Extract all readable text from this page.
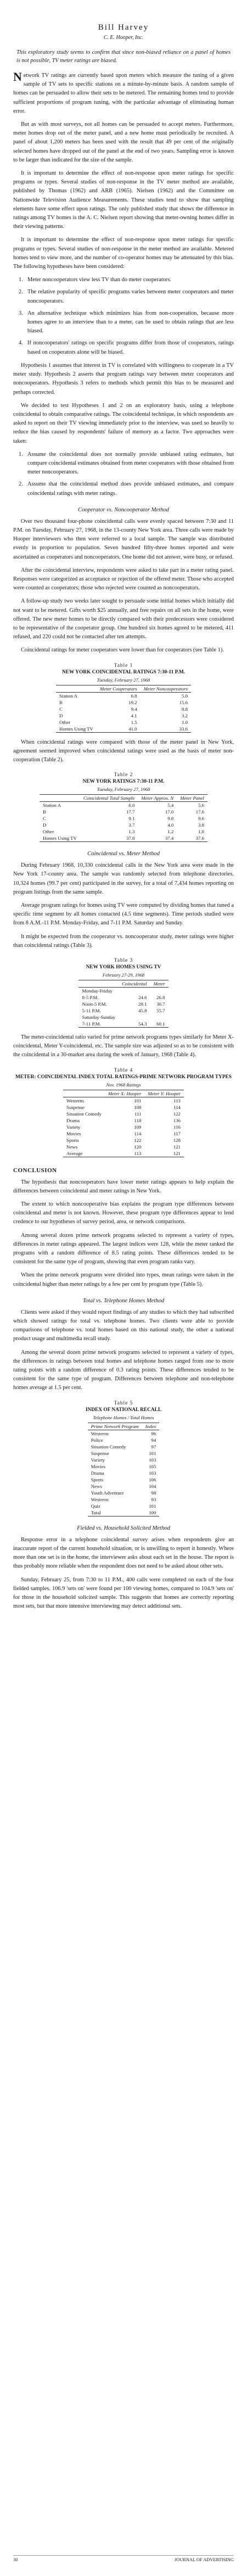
Bill Harvey
C. E. Hooper, Inc.
This exploratory study seems to confirm that since non-biased reliance on a panel of homes is not possible, TV meter ratings are biased.

Network TV ratings are currently based upon meters which measure the tuning of a given sample of TV sets to specific stations on a minute-by-minute basis. A random sample of homes can be persuaded to allow their sets to be metered. The remaining homes tend to provide sufficient proportions of program tuning, with the particular advantage of eliminating human error.

But as with most surveys, not all homes can be persuaded to accept meters. Furthermore, meter homes drop out of the meter panel, and a new home must periodically be recruited. A panel of about 1,200 meters has been used with the result that 49 per cent of the originally selected homes have dropped out of the panel at the end of two years. Sampling error is known to be larger than indicated for the size of the sample.

It is important to determine the effect of non-response upon meter ratings for specific programs or types. Several studies of non-response in the TV meter method are available, published by Thomas (1962) and ARB (1965). Nielsen (1962) and the Committee on Nationwide Television Audience Measurements. These studies tend to show that sampling elements have some effect upon ratings. The only published study that shows the difference in ratings among TV homes is the A. C. Nielsen report showing that meter-owning homes differ in their viewing patterns.

It is important to determine the effect of non-response upon meter ratings for specific programs or types. Several studies of non-response in the meter method are available. Metered homes tend to view more, and the number of co-operator homes may be attenuated by this bias. The following hypotheses have been considered:

1. Meter noncooperators view less TV than do meter cooperators.
2. The relative popularity of specific programs varies between meter cooperators and meter noncooperators.
3. An alternative technique which minimizes bias from non-cooperation, because more homes agree to an interview than to a meter, can be used to obtain ratings that are less biased.
4. If noncooperators' ratings on specific programs differ from those of cooperators, ratings based on cooperators alone will be biased.

Hypothesis 1 assumes that interest in TV is correlated with willingness to cooperate in a TV meter study. Hypothesis 2 asserts that program ratings vary between meter cooperators and noncooperators. Hypothesis 3 refers to methods which permit this bias to be measured and perhaps corrected.

We decided to test Hypotheses 1 and 2 on an exploratory basis, using a telephone coincidental to obtain comparative ratings. The coincidental technique, in which respondents are asked to report on their TV viewing immediately prior to the interview, was used so heavily to reduce the bias caused by respondents' failure of memory as a factor. Two approaches were taken:

1. Assume the coincidental does not normally provide unbiased rating estimates, but compare coincidental estimates obtained from meter cooperators with those obtained from meter noncooperators.
2. Assume that the coincidental method does provide unbiased estimates, and compare coincidental ratings with meter ratings.
Cooperator vs. Noncooperator Method

Over two thousand four-phone coincidental calls were evenly spaced between 7:30 and 11 P.M. on Tuesday, February 27, 1968, in the 13-county New York area. Three calls were made by Hooper interviewers who then were referred to a local sample. The sample was distributed evenly in proportion to population. Seven hundred fifty-three homes reported and were ascertained as cooperators and noncooperators. One home did not answer, were busy, or refused.

After the coincidental interview, respondents were asked to take part in a meter rating panel. Responses were categorized as acceptance or rejection of the offered meter. Those who accepted were counted as cooperators; those who rejected were counted as noncooperators.

A follow-up study two weeks later sought to persuade some initial homes which initially did not want to be metered. Gifts worth $25 annually, and free repairs on all sets in the home, were offered. The new meter homes to be directly compared with their predecessors were considered to be representative of the cooperator group. One hundred six homes agreed to be metered, 411 refused, and 220 could not be contacted after ten attempts.

Coincidental ratings for meter cooperators were lower than for cooperators (see Table 1).

Table 1
NEW YORK COINCIDENTAL RATINGS 7:30-11 P.M.
Tuesday, February 27, 1968
	Meter Cooperators	Meter Noncooperators
Station A	6.8	5.0
B	19.2	15.6
C	9.4	8.8
D	4.1	3.2
Other	1.5	1.0
Homes Using TV	41.0	33.6

When coincidental ratings were compared with those of the meter panel in New York, agreement seemed improved when coincidental ratings were used as the basis of meter non-cooperation (Table 2).

Table 2
NEW YORK RATINGS 7:30-11 P.M.
Tuesday, February 27, 1968
	Coincidental Total Sample	Meter Approx. N	Meter Panel
Station A	6.0	5.4	5.6
B	17.7	17.0	17.6
C	9.1	9.8	9.6
D	3.7	4.0	3.8
Other	1.3	1.2	1.0
Homes Using TV	37.8	37.4	37.6
Coincidental vs. Meter Method

During February 1968, 10,330 coincidental calls in the New York area were made in the New York 17-county area. The sample was randomly selected from telephone directories. 10,324 homes (99.7 per cent) participated in the survey, for a total of 7,434 homes reporting on program listings from the same sample.

Average program ratings for homes using TV were computed by dividing homes that tuned a specific time segment by all homes contacted (4.5 time segments). Time periods studied were from 8 A.M.-11 P.M. Monday-Friday, and 7-11 P.M. Saturday and Sunday.

It might be expected from the cooperator vs. noncooperator study, meter ratings were higher than coincidental ratings (Table 3).

Table 3
NEW YORK HOMES USING TV
February 27-29, 1968
	Coincidental	Meter
Monday-Friday		
8-5 P.M.	24.6	26.8
Noon-5 P.M.	28.1	30.7
5-11 P.M.	45.8	55.7
Saturday-Sunday		
7-11 P.M.	54.3	60.1

The meter-coincidental ratio varied for prime network programs types similarly for Meter X-coincidental, Meter Y-coincidental, etc. The sample size was adjusted so as to be consistent with the coincidental in a 30-market area during the week of January, 1968 (Table 4).

Table 4
METER: COINCIDENTAL INDEX TOTAL RATINGS-PRIME NETWORK PROGRAM TYPES
Nov. 1968 Ratings
	Meter X: Hooper	Meter Y: Hooper
Westerns	101	113
Suspense	108	114
Situation Comedy	111	122
Drama	118	136
Variety	109	116
Movies	114	117
Sports	122	128
News	120	121
Average	113	121
CONCLUSION

The hypothesis that noncooperators have lower meter ratings appears to help explain the differences between coincidental and meter ratings in New York.

The extent to which noncooperative bias explains the program type differences between coincidental and meter is not known. However, these program type differences appear to lend credence to our hypotheses of survey period, area, or network comparisons.

Among several dozen prime network programs selected to represent a variety of types, differences in meter ratings appeared. The largest indices were 128, while the meter ranked the programs with a random difference of 8.5 rating points. These differences tended to be consistent for the same type of program, showing that even program ranks vary.

When the prime network programs were divided into types, mean ratings were taken in the coincidental higher than meter ratings by a few per cent by program type (Table 5).

Total vs. Telephone Homes Method

Clients were asked if they would report findings of any studies to which they had subscribed which showed ratings for total vs. telephone homes. Two clients were able to provide comparisons of telephone vs. total homes based on this national study, the other a national product usage and multimedia recall study.

Among the several dozen prime network programs selected to represent a variety of types, the differences in ratings between total homes and telephone homes ranged from one to more rating points with a random difference of 0.3 rating points. These differences tended to be consistent for the same type of program. Differences between telephone and non-telephone homes average at 1.5 per cent.

Table 5
INDEX OF NATIONAL RECALL
Telephone Homes / Total Homes
Prime Network Program	Index
Westerns	96
Police	94
Situation Comedy	97
Suspense	101
Variety	103
Movies	105
Drama	103
Sports	106
News	104
Youth Adventure	98
Westerns	93
Quiz	101
Total	100
Fielded vs. Household Solicited Method

Response error in a telephone coincidental survey arises when respondents give an inaccurate report of the current household situation, or is unwilling to report it honestly. Where more than one set is in the home, the interviewer asks about each set in the house. The report is thus probably more reliable when the respondent does not need to be asked about other sets.

Sunday, February 25, from 7:30 to 11 P.M., 400 calls were completed on each of the four fielded samples. 106.9 'sets on' were found per 100 viewing homes, compared to 104.9 'sets on' for those in the household solicited sample. This suggests that homes are correctly reporting most sets, but that more intensive interviewing may detect additional sets.

30	JOURNAL OF ADVERTISING
